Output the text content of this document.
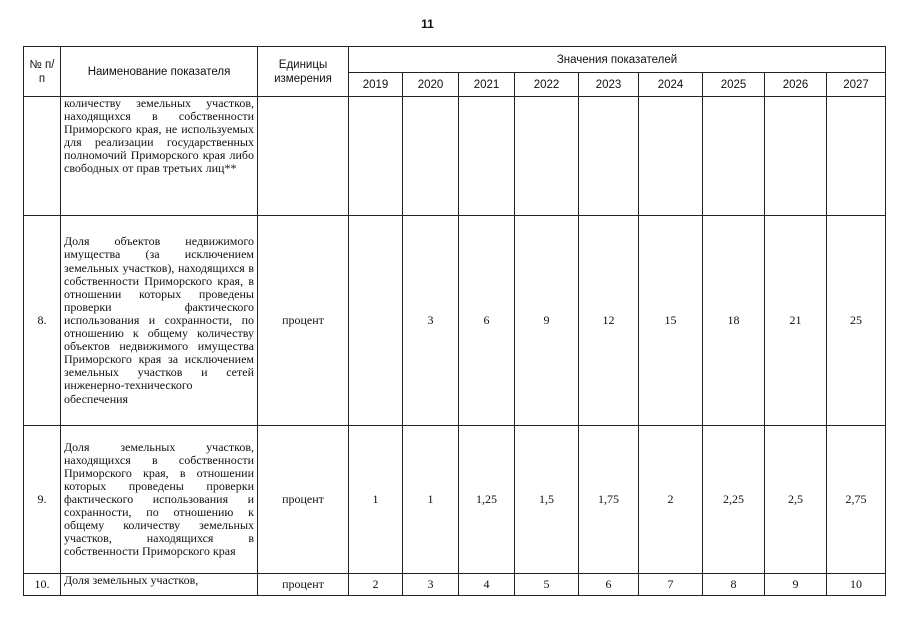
11
№ п/п	Наименование показателя	Единицы измерения	Значения показателей								
			2019	2020	2021	2022	2023	2024	2025	2026	2027
	количеству земельных участков, находящихся в собственности Приморского края, не используемых для реализации государственных полномочий Приморского края либо свободных от прав третьих лиц**										
8.	Доля объектов недвижимого имущества (за исключением земельных участков), находящихся в собственности Приморского края, в отношении которых проведены проверки фактического использования и сохранности, по отношению к общему количеству объектов недвижимого имущества Приморского края за исключением земельных участков и сетей инженерно-технического обеспечения	процент		3	6	9	12	15	18	21	25
9.	Доля земельных участков, находящихся в собственности Приморского края, в отношении которых проведены проверки фактического использования и сохранности, по отношению к общему количеству земельных участков, находящихся в собственности Приморского края	процент	1	1	1,25	1,5	1,75	2	2,25	2,5	2,75
10.	Доля земельных участков,	процент	2	3	4	5	6	7	8	9	10
